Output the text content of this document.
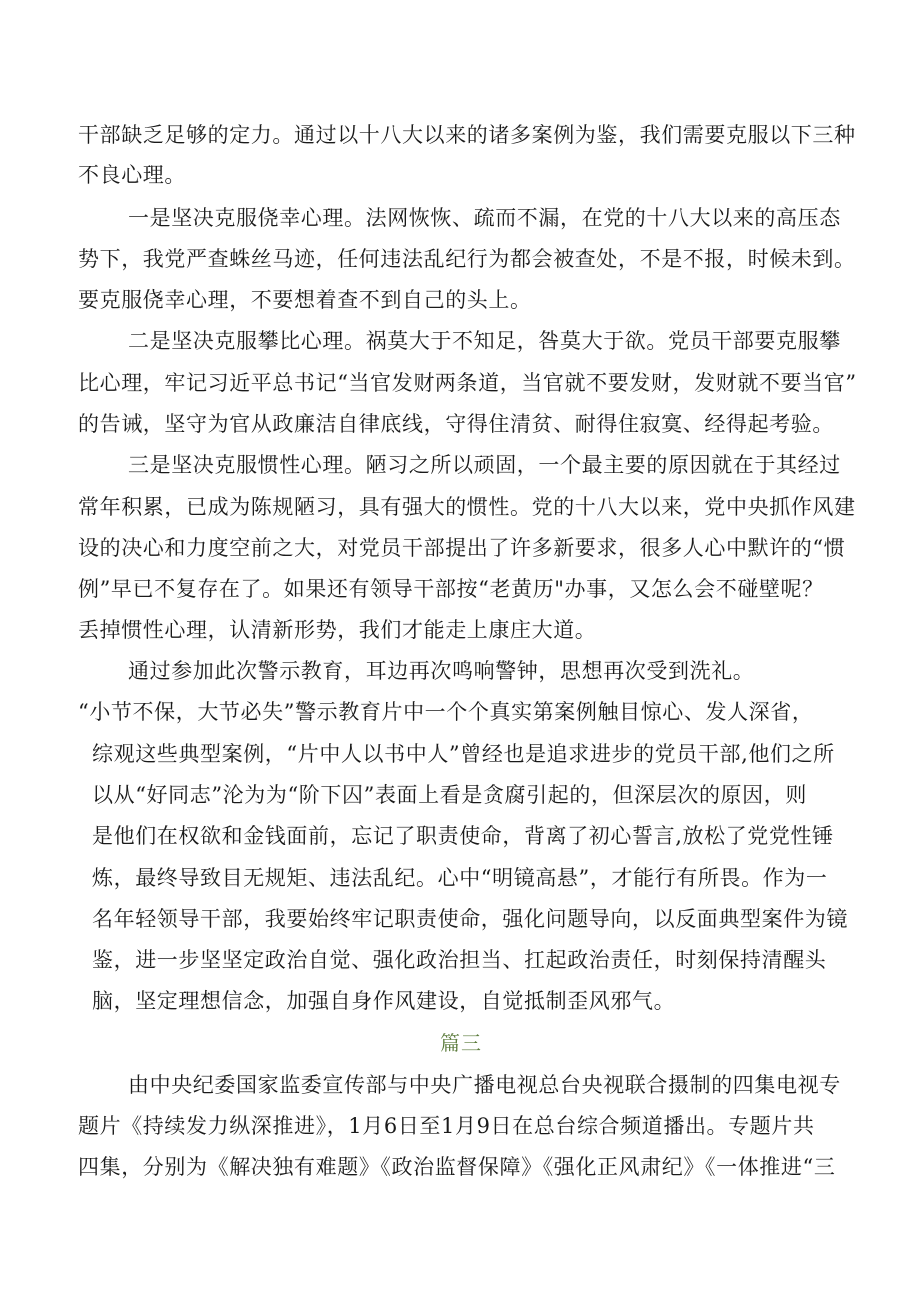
干部缺乏足够的定力。通过以十八大以来的诸多案例为鉴，我们需要克服以下三种
不良心理。
一是坚决克服侥幸心理。法网恢恢、疏而不漏，在党的十八大以来的高压态
势下，我党严查蛛丝马迹，任何违法乱纪行为都会被查处，不是不报，时候未到。
要克服侥幸心理，不要想着查不到自己的头上。
二是坚决克服攀比心理。祸莫大于不知足，咎莫大于欲。党员干部要克服攀
比心理，牢记习近平总书记“当官发财两条道，当官就不要发财，发财就不要当官”
的告诫，坚守为官从政廉洁自律底线，守得住清贫、耐得住寂寞、经得起考验。
三是坚决克服惯性心理。陋习之所以顽固，一个最主要的原因就在于其经过
常年积累，已成为陈规陋习，具有强大的惯性。党的十八大以来，党中央抓作风建
设的决心和力度空前之大，对党员干部提出了许多新要求，很多人心中默许的“惯
例”早已不复存在了。如果还有领导干部按“老黄历"办事，又怎么会不碰壁呢？
丢掉惯性心理，认清新形势，我们才能走上康庄大道。
通过参加此次警示教育，耳边再次鸣响警钟，思想再次受到洗礼。
“小节不保，大节必失”警示教育片中一个个真实第案例触目惊心、发人深省，
综观这些典型案例，“片中人以书中人”曾经也是追求进步的党员干部,他们之所
以从“好同志”沦为为“阶下囚”表面上看是贪腐引起的，但深层次的原因，则
是他们在权欲和金钱面前，忘记了职责使命，背离了初心誓言,放松了党党性锤
炼，最终导致目无规矩、违法乱纪。心中“明镜高悬”，才能行有所畏。作为一
名年轻领导干部，我要始终牢记职责使命，强化问题导向，以反面典型案件为镜
鉴，进一步坚坚定政治自觉、强化政治担当、扛起政治责任，时刻保持清醒头
脑，坚定理想信念，加强自身作风建设，自觉抵制歪风邪气。
篇三
由中央纪委国家监委宣传部与中央广播电视总台央视联合摄制的四集电视专
题片《持续发力纵深推进》，1月6日至1月9日在总台综合频道播出。专题片共
四集，分别为《解决独有难题》《政治监督保障》《强化正风肃纪》《一体推进“三
